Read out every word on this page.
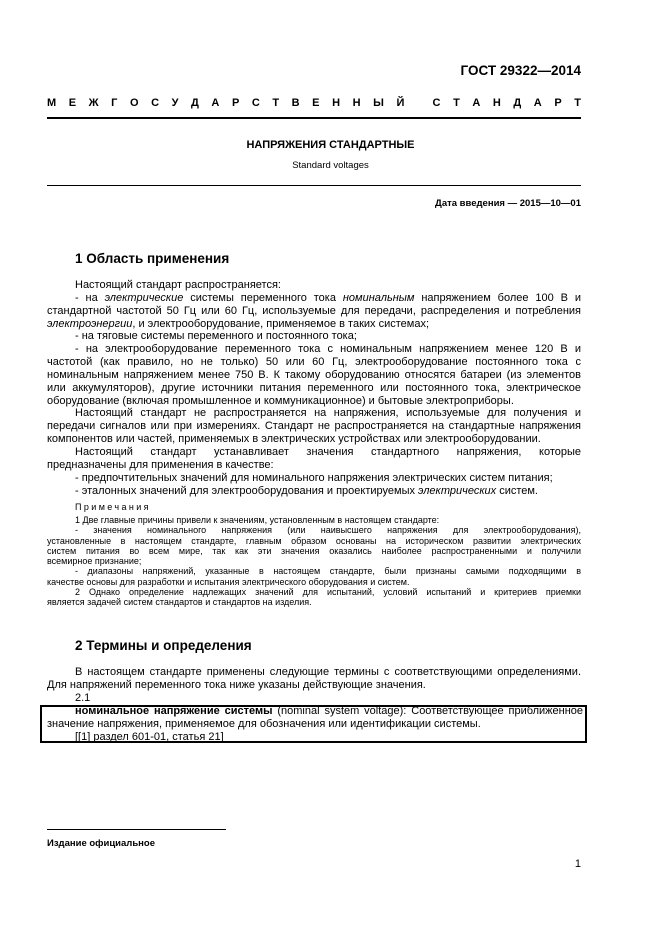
ГОСТ 29322—2014
М Е Ж Г О С У Д А Р С Т В Е Н Н Ы Й
	С Т А Н Д А Р Т
НАПРЯЖЕНИЯ СТАНДАРТНЫЕ
Standard voltages
Дата введения — 2015—10—01
1 Область применения
Настоящий стандарт распространяется:
- на электрические системы переменного тока номинальным напряжением более 100 В и
стандартной частотой 50 Гц или 60 Гц, используемые для передачи, распределения и потребления
электроэнергии, и электрооборудование, применяемое в таких системах;
- на тяговые системы переменного и постоянного тока;
- на электрооборудование переменного тока с номинальным напряжением менее 120 В и
частотой (как правило, но не только) 50 или 60 Гц, электрооборудование постоянного тока с
номинальным напряжением менее 750 В. К такому оборудованию относятся батареи (из элементов
или аккумуляторов), другие источники питания переменного или постоянного тока, электрическое
оборудование (включая промышленное и коммуникационное) и бытовые электроприборы.
Настоящий стандарт не распространяется на напряжения, используемые для получения и
передачи сигналов или при измерениях. Стандарт не распространяется на стандартные напряжения
компонентов или частей, применяемых в электрических устройствах или электрооборудовании.
Настоящий стандарт устанавливает значения стандартного напряжения, которые
предназначены для применения в качестве:
- предпочтительных значений для номинального напряжения электрических систем питания;
- эталонных значений для электрооборудования и проектируемых электрических систем.
Примечания
1 Две главные причины привели к значениям, установленным в настоящем стандарте:
- значения номинального напряжения (или наивысшего напряжения для электрооборудования),
установленные в настоящем стандарте, главным образом основаны на историческом развитии электрических
систем питания во всем мире, так как эти значения оказались наиболее распространенными и получили
всемирное признание;
- диапазоны напряжений, указанные в настоящем стандарте, были признаны самыми подходящими в
качестве основы для разработки и испытания электрического оборудования и систем.
2 Однако определение надлежащих значений для испытаний, условий испытаний и критериев приемки
является задачей систем стандартов и стандартов на изделия.
2 Термины и определения
В настоящем стандарте применены следующие термины с соответствующими определениями.
Для напряжений переменного тока ниже указаны действующие значения.
2.1
номинальное напряжение системы (nominal system voltage): Соответствующее приближенное
значение напряжения, применяемое для обозначения или идентификации системы.
[[1] раздел 601-01, статья 21]
Издание официальное
1
